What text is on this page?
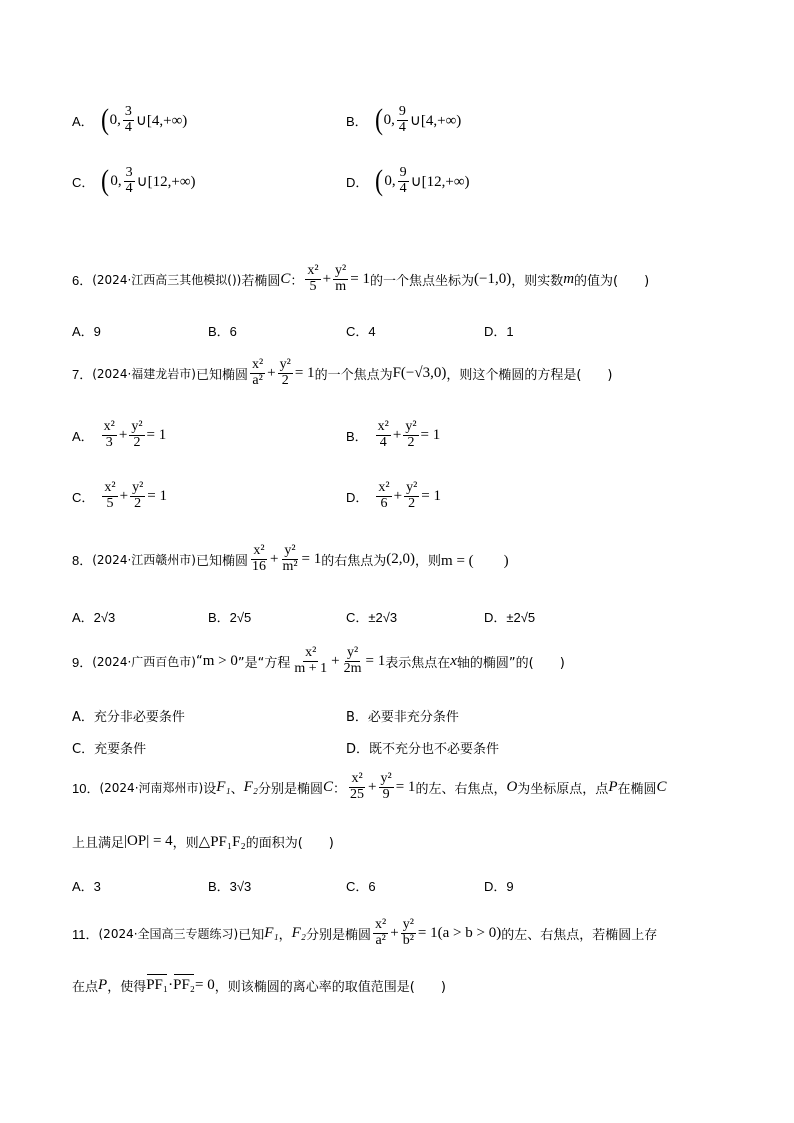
A． ( 0, $\frac{3}{4}$ ∪[4,+∞)	B． ( 0, $\frac{9}{4}$ ∪[4,+∞)
C． ( 0, $\frac{3}{4}$ ∪[12,+∞)	D． ( 0, $\frac{9}{4}$ ∪[12,+∞)
6． (2024·江西高三其他模拟()) 若椭圆 C ： $\frac{\text{x²}}{5} + \frac{\text{y²}}{m} = 1$ 的一个焦点坐标为 (−1,0) ，则实数 m 的值为(　　)
A．9	B．6	C．4	D．1
7． (2024·福建龙岩市) 已知椭圆 $\frac{\text{x²}}{\text{a²}} + \frac{\text{y²}}{2} = 1$ 的一个焦点为 F(−√3,0) ，则这个椭圆的方程是(　　)
A． $\frac{\text{x²}}{3} + \frac{\text{y²}}{2} = 1$	B． $\frac{\text{x²}}{4} + \frac{\text{y²}}{2} = 1$
C． $\frac{\text{x²}}{5} + \frac{\text{y²}}{2} = 1$	D． $\frac{\text{x²}}{6} + \frac{\text{y²}}{2} = 1$
8． (2024·江西赣州市) 已知椭圆 $\frac{\text{x²}}{16} + \frac{\text{y²}}{\text{m²}} = 1$ 的右焦点为 (2,0) ，则 m = (　　)
A．2√3	B．2√5	C．±2√3	D．±2√5
9． (2024·广西百色市) “ m > 0 ”是“方程 $\frac{\text{x²}}{m + 1} + \frac{\text{y²}}{2m} = 1$ 表示焦点在 x 轴的椭圆”的(　　)
A．充分非必要条件	B．必要非充分条件
C．充要条件	D．既不充分也不必要条件
10． (2024·河南郑州市) 设 F₁ 、 F₂ 分别是椭圆 C ： $\frac{\text{x²}}{25} + \frac{\text{y²}}{9} = 1$ 的左、右焦点， O 为坐标原点，点 P 在椭圆 C
上且满足 |OP| = 4 ，则 △PF₁F₂ 的面积为(　　)
A．3	B．3√3	C．6	D．9
11． (2024·全国高三专题练习) 已知 F₁ ， F₂ 分别是椭圆 $\frac{\text{x²}}{\text{a²}} + \frac{\text{y²}}{\text{b²}} = 1$ (a > b > 0) 的左、右焦点，若椭圆上存
在点 P ，使得 PF₁ · PF₂ = 0 ，则该椭圆的离心率的取值范围是(　　)
